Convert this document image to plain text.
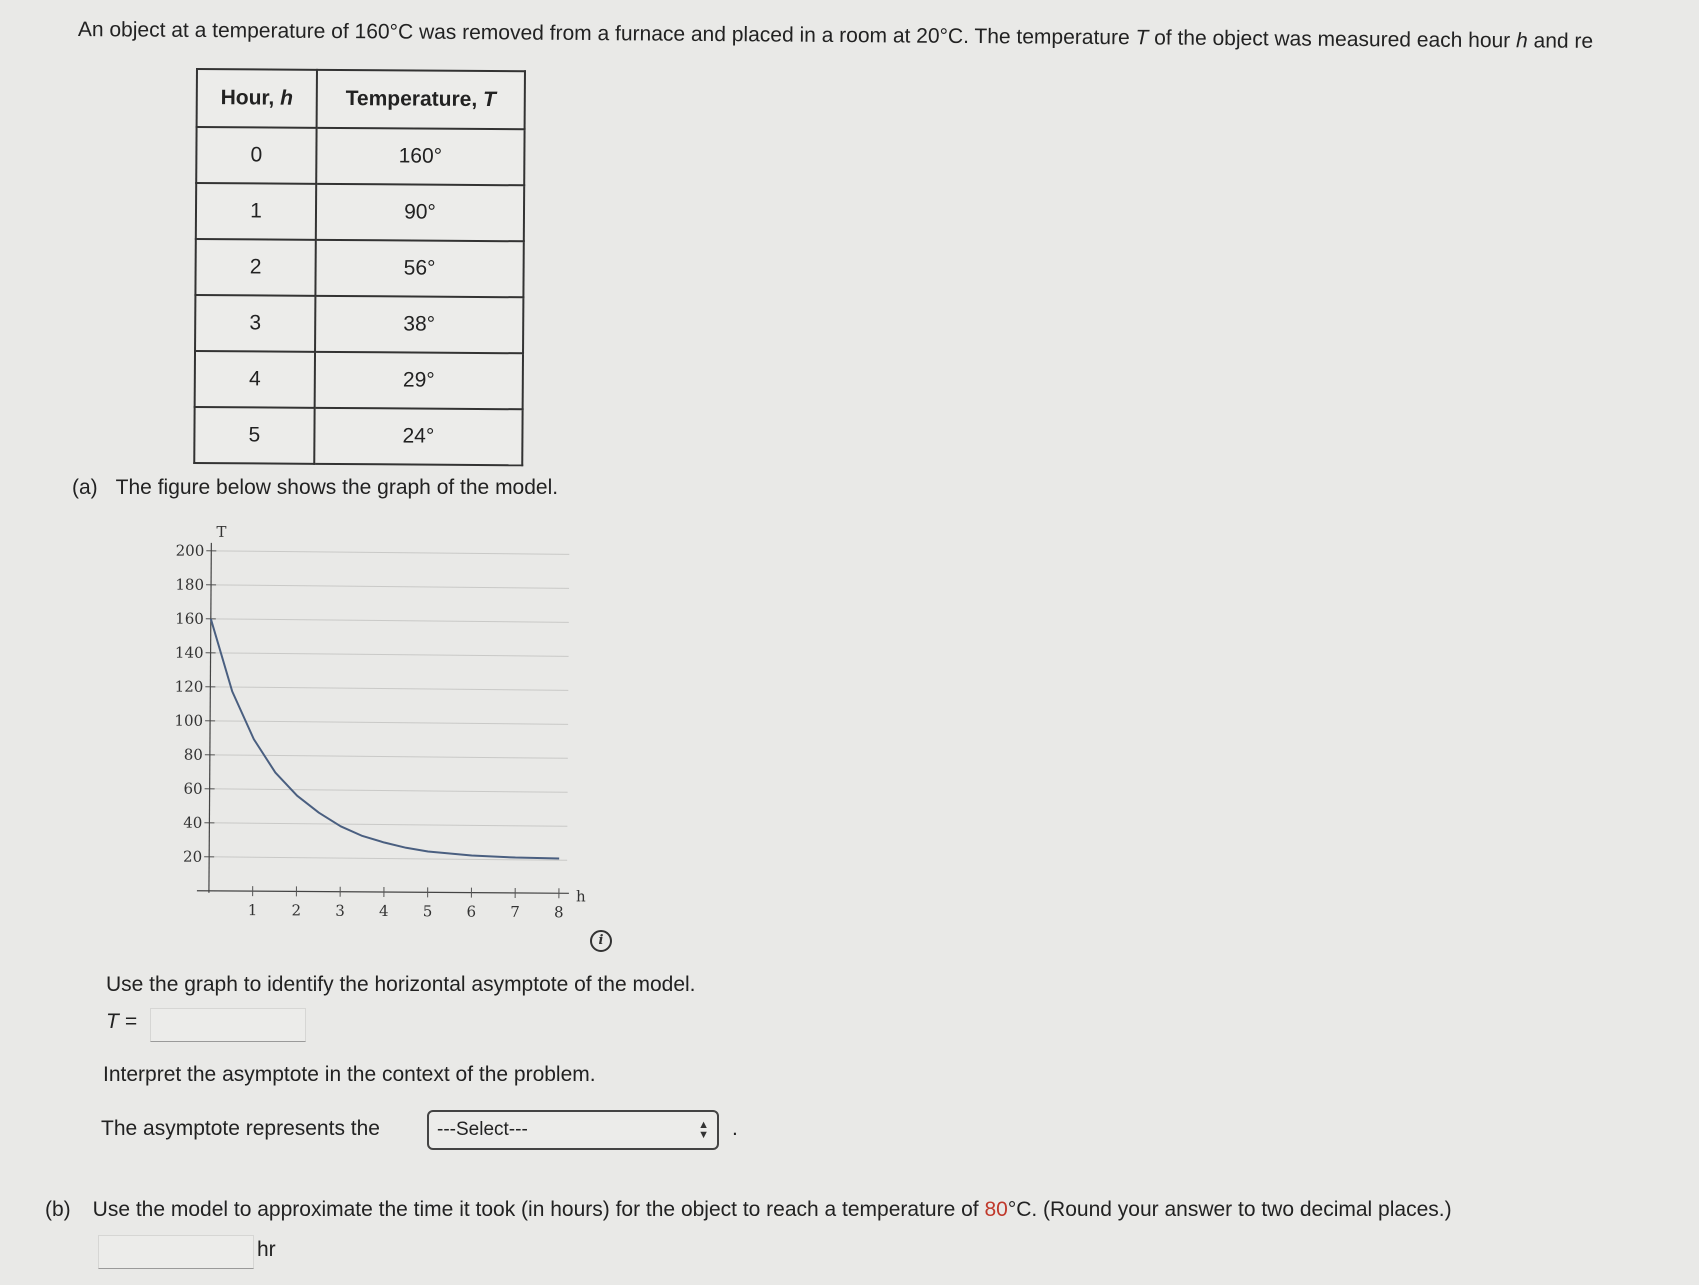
An object at a temperature of 160°C was removed from a furnace and placed in a room at 20°C. The temperature T of the object was measured each hour h and re
Hour, h	Temperature, T
0	160°
1	90°
2	56°
3	38°
4	29°
5	24°
(a) The figure below shows the graph of the model.
20
40
60
80
100
120
140
160
180
200
1 2 3 4 5 6 7 8
T
h
i
Use the graph to identify the horizontal asymptote of the model.
T =
Interpret the asymptote in the context of the problem.
The asymptote represents the	---Select---	▲
▼ .
(b) Use the model to approximate the time it took (in hours) for the object to reach a temperature of 80°C. (Round your answer to two decimal places.)
hr
